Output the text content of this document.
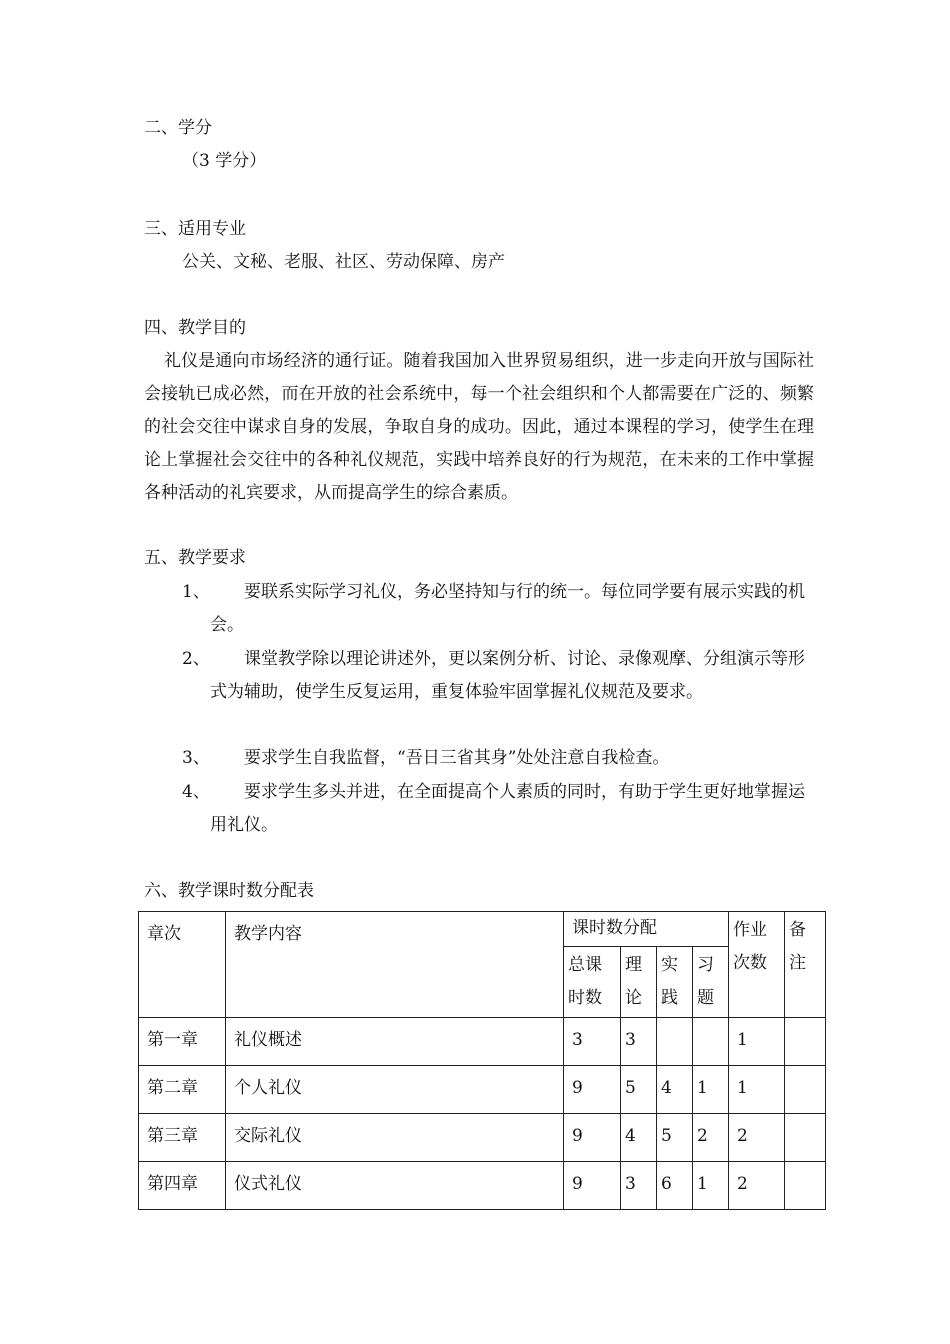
二、学分
（3 学分）
三、适用专业
公关、文秘、老服、社区、劳动保障、房产
四、教学目的
礼仪是通向市场经济的通行证。随着我国加入世界贸易组织，进一步走向开放与国际社会接轨已成必然，而在开放的社会系统中，每一个社会组织和个人都需要在广泛的、频繁的社会交往中谋求自身的发展，争取自身的成功。因此，通过本课程的学习，使学生在理论上掌握社会交往中的各种礼仪规范，实践中培养良好的行为规范，在未来的工作中掌握各种活动的礼宾要求，从而提高学生的综合素质。
五、教学要求
1、	要联系实际学习礼仪，务必坚持知与行的统一。每位同学要有展示实践的机会。
2、	课堂教学除以理论讲述外，更以案例分析、讨论、录像观摩、分组演示等形式为辅助，使学生反复运用，重复体验牢固掌握礼仪规范及要求。
3、	要求学生自我监督，“吾日三省其身”处处注意自我检查。
4、	要求学生多头并进，在全面提高个人素质的同时，有助于学生更好地掌握运用礼仪。
六、教学课时数分配表
章次	教学内容	课时数分配				作业次数	备注
		总课时数	理论	实践	习题		
第一章	礼仪概述	3	3			1	
第二章	个人礼仪	9	5	4	1	1	
第三章	交际礼仪	9	4	5	2	2	
第四章	仪式礼仪	9	3	6	1	2	
